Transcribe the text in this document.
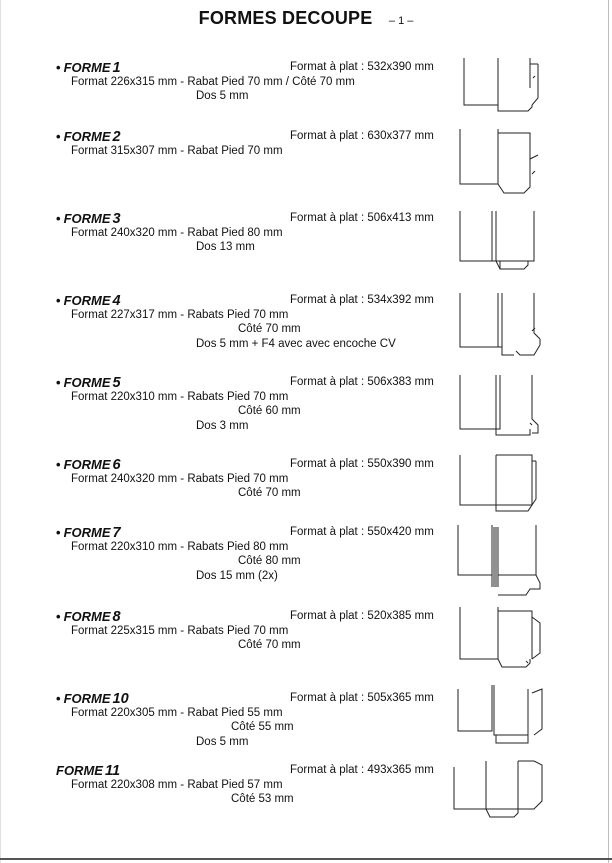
FORMES DECOUPE – 1 –
• FORME 1	Format à plat : 532x390 mm
Format 226x315 mm - Rabat Pied 70 mm / Côté 70 mm
Dos 5 mm
• FORME 2	Format à plat : 630x377 mm
Format 315x307 mm - Rabat Pied 70 mm
• FORME 3	Format à plat : 506x413 mm
Format 240x320 mm - Rabat Pied 80 mm
Dos 13 mm
• FORME 4	Format à plat : 534x392 mm
Format 227x317 mm - Rabats Pied 70 mm
Côté 70 mm
Dos 5 mm + F4 avec avec encoche CV
• FORME 5	Format à plat : 506x383 mm
Format 220x310 mm - Rabats Pied 70 mm
Côté 60 mm
Dos 3 mm
• FORME 6	Format à plat : 550x390 mm
Format 240x320 mm - Rabats Pied 70 mm
Côté 70 mm
• FORME 7	Format à plat : 550x420 mm
Format 220x310 mm - Rabats Pied 80 mm
Côté 80 mm
Dos 15 mm (2x)
• FORME 8	Format à plat : 520x385 mm
Format 225x315 mm - Rabats Pied 70 mm
Côté 70 mm
• FORME 10	Format à plat : 505x365 mm
Format 220x305 mm - Rabat Pied 55 mm
Côté 55 mm
Dos 5 mm
FORME 11	Format à plat : 493x365 mm
Format 220x308 mm - Rabat Pied 57 mm
Côté 53 mm
